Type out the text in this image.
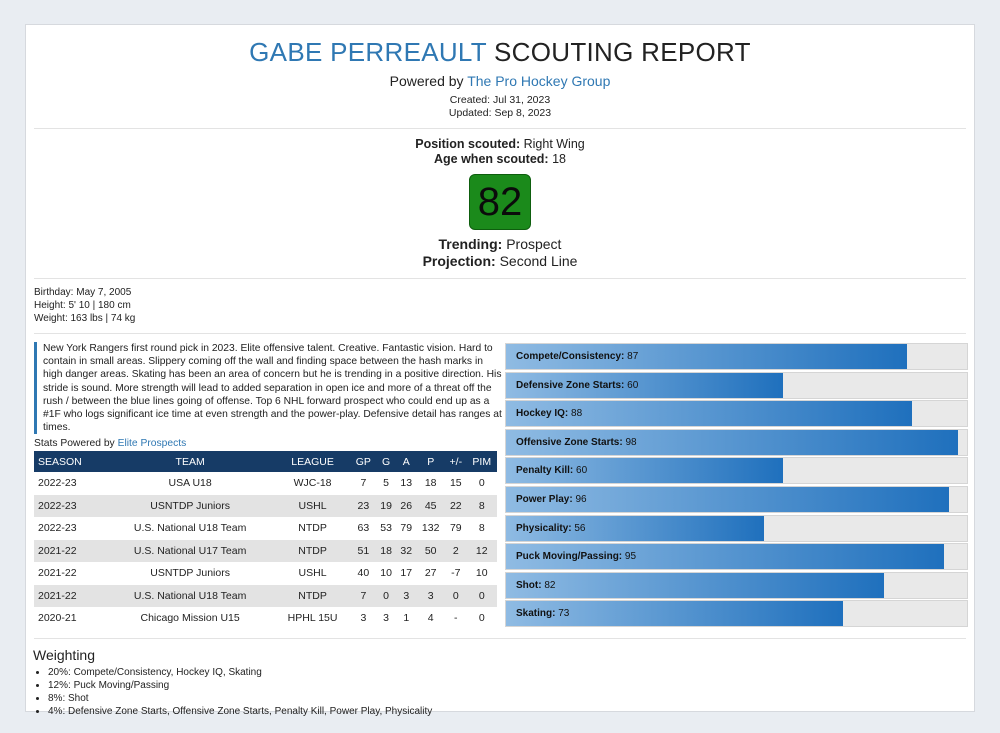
GABE PERREAULT SCOUTING REPORT
Powered by The Pro Hockey Group
Created: Jul 31, 2023
Updated: Sep 8, 2023
Position scouted: Right Wing
Age when scouted: 18
82
Trending: Prospect
Projection: Second Line
Birthday: May 7, 2005
Height: 5' 10 | 180 cm
Weight: 163 lbs | 74 kg
New York Rangers first round pick in 2023. Elite offensive talent. Creative. Fantastic vision. Hard to contain in small areas. Slippery coming off the wall and finding space between the hash marks in high danger areas. Skating has been an area of concern but he is trending in a positive direction. His stride is sound. More strength will lead to added separation in open ice and more of a threat off the rush / between the blue lines going of offense. Top 6 NHL forward prospect who could end up as a #1F who logs significant ice time at even strength and the power-play. Defensive detail has ranges at times.
Stats Powered by Elite Prospects
SEASON	TEAM	LEAGUE	GP	G	A	P	+/-	PIM
2022-23	USA U18	WJC-18	7	5	13	18	15	0
2022-23	USNTDP Juniors	USHL	23	19	26	45	22	8
2022-23	U.S. National U18 Team	NTDP	63	53	79	132	79	8
2021-22	U.S. National U17 Team	NTDP	51	18	32	50	2	12
2021-22	USNTDP Juniors	USHL	40	10	17	27	-7	10
2021-22	U.S. National U18 Team	NTDP	7	0	3	3	0	0
2020-21	Chicago Mission U15	HPHL 15U	3	3	1	4	-	0
Compete/Consistency: 87
Defensive Zone Starts: 60
Hockey IQ: 88
Offensive Zone Starts: 98
Penalty Kill: 60
Power Play: 96
Physicality: 56
Puck Moving/Passing: 95
Shot: 82
Skating: 73
Weighting
• 20%: Compete/Consistency, Hockey IQ, Skating
• 12%: Puck Moving/Passing
• 8%: Shot
• 4%: Defensive Zone Starts, Offensive Zone Starts, Penalty Kill, Power Play, Physicality
